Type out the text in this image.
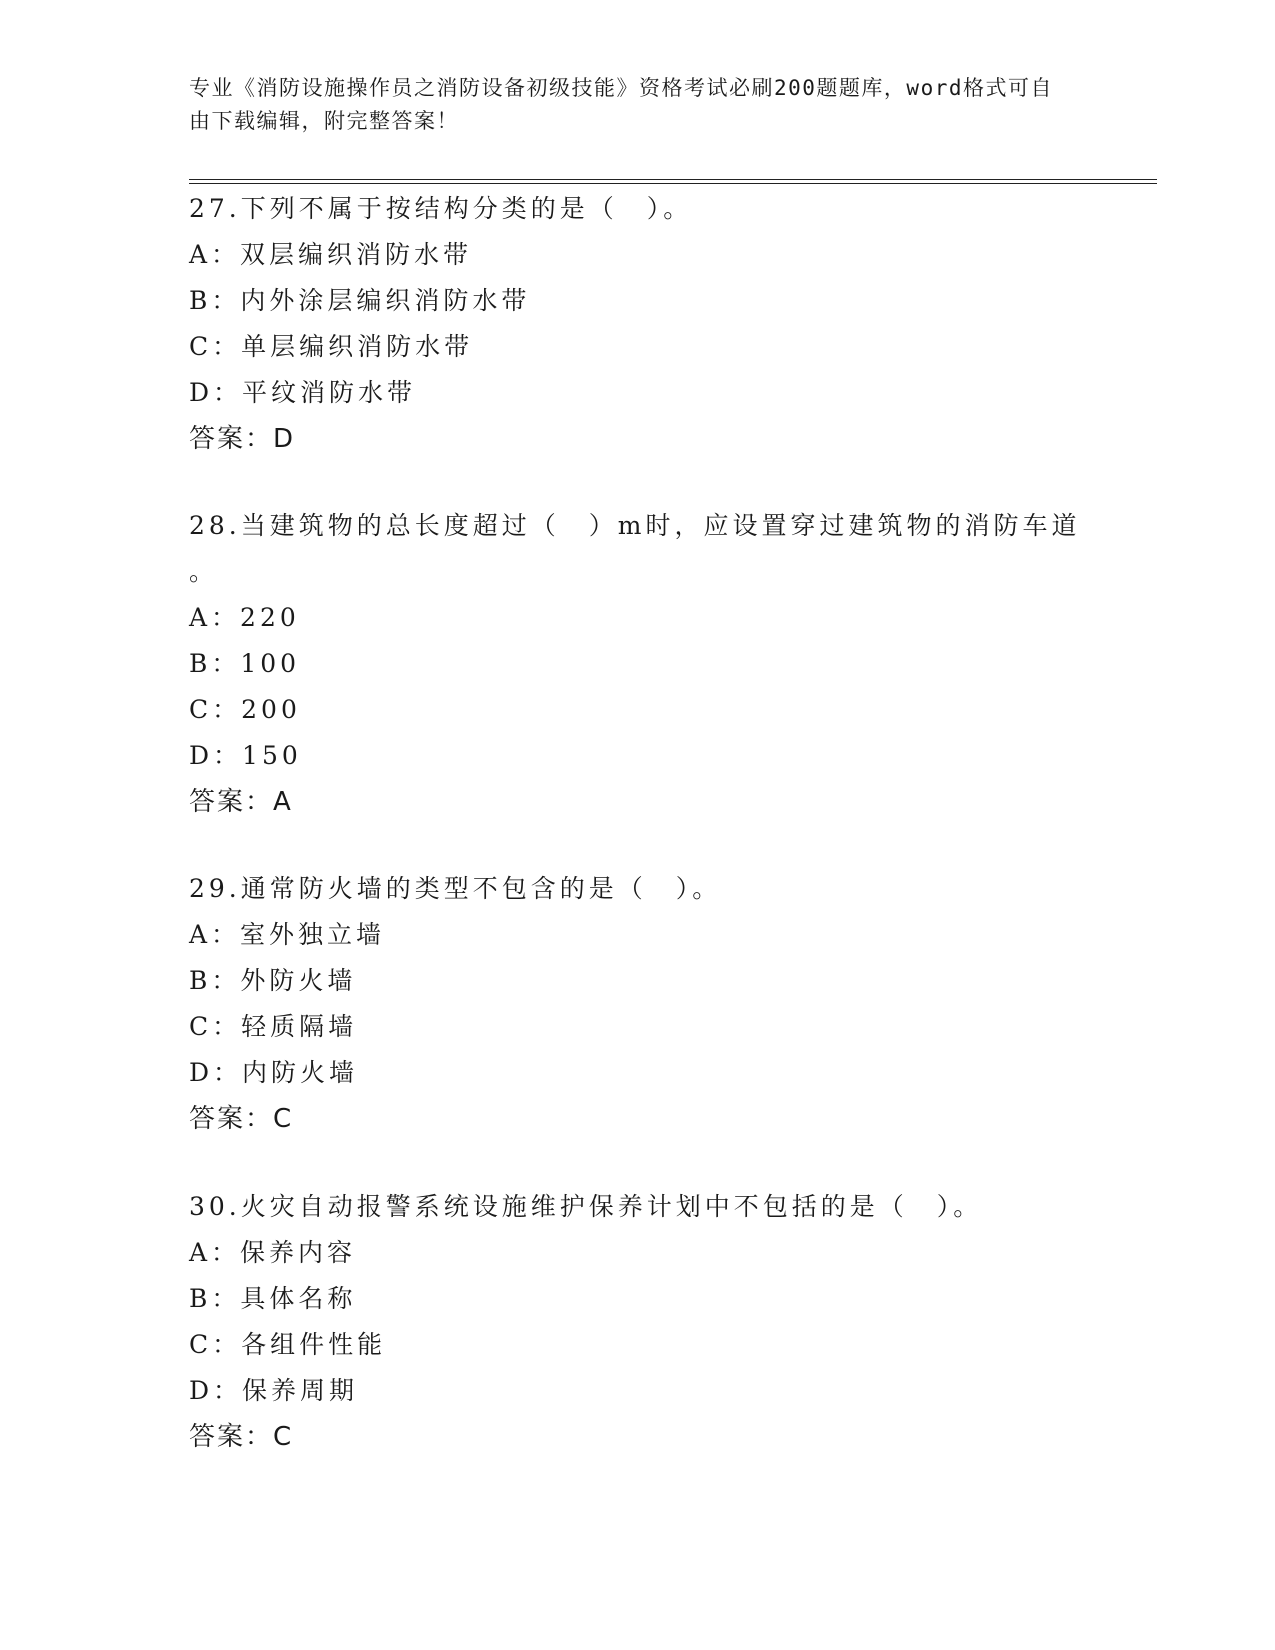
专业《消防设施操作员之消防设备初级技能》资格考试必刷200题题库，word格式可自由下载编辑，附完整答案！
27.下列不属于按结构分类的是（　）。
A：双层编织消防水带
B：内外涂层编织消防水带
C：单层编织消防水带
D：平纹消防水带
答案：D
28.当建筑物的总长度超过（　）m时，应设置穿过建筑物的消防车道
。
A：220
B：100
C：200
D：150
答案：A
29.通常防火墙的类型不包含的是（　）。
A：室外独立墙
B：外防火墙
C：轻质隔墙
D：内防火墙
答案：C
30.火灾自动报警系统设施维护保养计划中不包括的是（　）。
A：保养内容
B：具体名称
C：各组件性能
D：保养周期
答案：C
